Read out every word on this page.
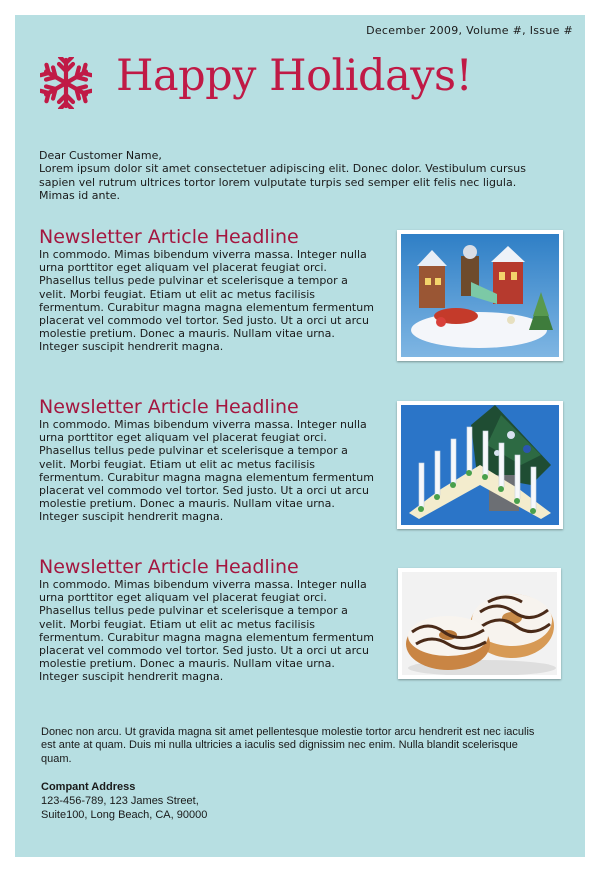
December 2009, Volume #, Issue #
Happy Holidays!
Dear Customer Name,
Lorem ipsum dolor sit amet consectetuer adipiscing elit. Donec dolor. Vestibulum cursus sapien vel rutrum ultrices tortor lorem vulputate turpis sed semper elit felis nec ligula. Mimas id ante.
Newsletter Article Headline
In commodo. Mimas bibendum viverra massa. Integer nulla urna porttitor eget aliquam vel placerat feugiat orci. Phasellus tellus pede pulvinar et scelerisque a tempor a velit. Morbi feugiat. Etiam ut elit ac metus facilisis fermentum. Curabitur magna magna elementum fermentum placerat vel commodo vel tortor. Sed justo. Ut a orci ut arcu molestie pretium. Donec a mauris. Nullam vitae urna. Integer suscipit hendrerit magna.
Newsletter Article Headline
In commodo. Mimas bibendum viverra massa. Integer nulla urna porttitor eget aliquam vel placerat feugiat orci. Phasellus tellus pede pulvinar et scelerisque a tempor a velit. Morbi feugiat. Etiam ut elit ac metus facilisis fermentum. Curabitur magna magna elementum fermentum placerat vel commodo vel tortor. Sed justo. Ut a orci ut arcu molestie pretium. Donec a mauris. Nullam vitae urna. Integer suscipit hendrerit magna.
Newsletter Article Headline
In commodo. Mimas bibendum viverra massa. Integer nulla urna porttitor eget aliquam vel placerat feugiat orci. Phasellus tellus pede pulvinar et scelerisque a tempor a velit. Morbi feugiat. Etiam ut elit ac metus facilisis fermentum. Curabitur magna magna elementum fermentum placerat vel commodo vel tortor. Sed justo. Ut a orci ut arcu molestie pretium. Donec a mauris. Nullam vitae urna. Integer suscipit hendrerit magna.
Donec non arcu. Ut gravida magna sit amet pellentesque molestie tortor arcu hendrerit est nec iaculis est ante at quam. Duis mi nulla ultricies a iaculis sed dignissim nec enim. Nulla blandit scelerisque quam.
Compant Address
123-456-789, 123 James Street,
Suite100, Long Beach, CA, 90000
